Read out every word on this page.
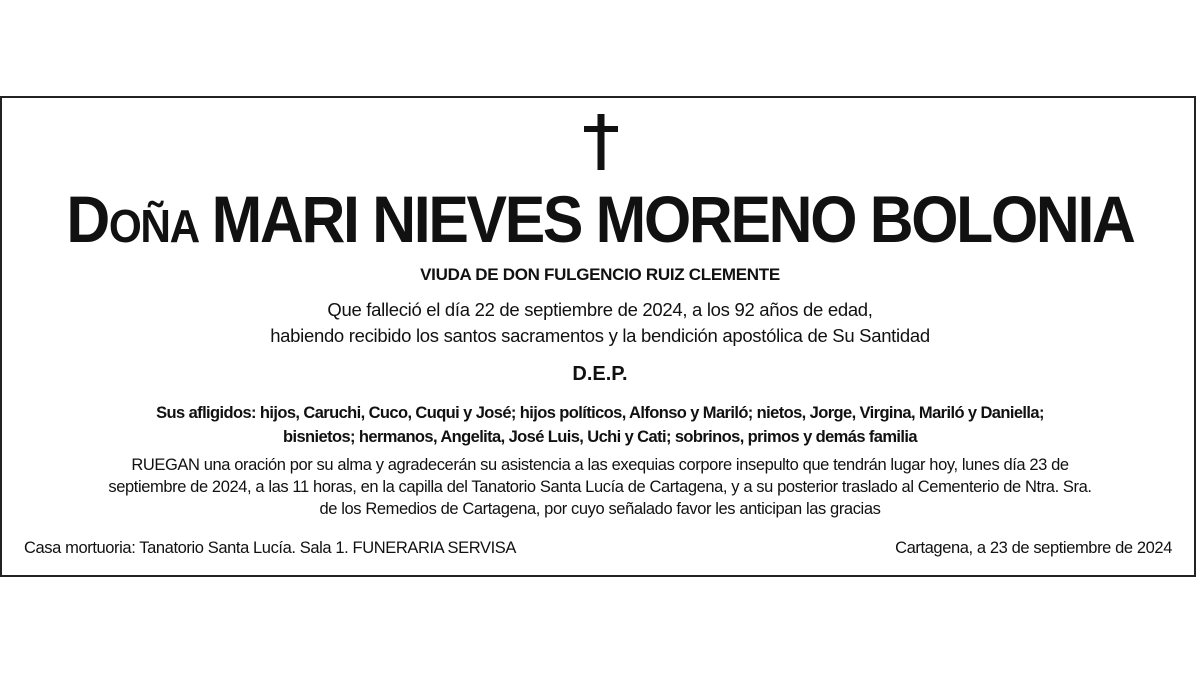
Doña MARI NIEVES MORENO BOLONIA
VIUDA DE DON FULGENCIO RUIZ CLEMENTE
Que falleció el día 22 de septiembre de 2024, a los 92 años de edad,
habiendo recibido los santos sacramentos y la bendición apostólica de Su Santidad
D.E.P.
Sus afligidos: hijos, Caruchi, Cuco, Cuqui y José; hijos políticos, Alfonso y Mariló; nietos, Jorge, Virgina, Mariló y Daniella;
bisnietos; hermanos, Angelita, José Luis, Uchi y Cati; sobrinos, primos y demás familia
RUEGAN una oración por su alma y agradecerán su asistencia a las exequias corpore insepulto que tendrán lugar hoy, lunes día 23 de
septiembre de 2024, a las 11 horas, en la capilla del Tanatorio Santa Lucía de Cartagena, y a su posterior traslado al Cementerio de Ntra. Sra.
de los Remedios de Cartagena, por cuyo señalado favor les anticipan las gracias
Casa mortuoria: Tanatorio Santa Lucía. Sala 1. FUNERARIA SERVISA	Cartagena, a 23 de septiembre de 2024
